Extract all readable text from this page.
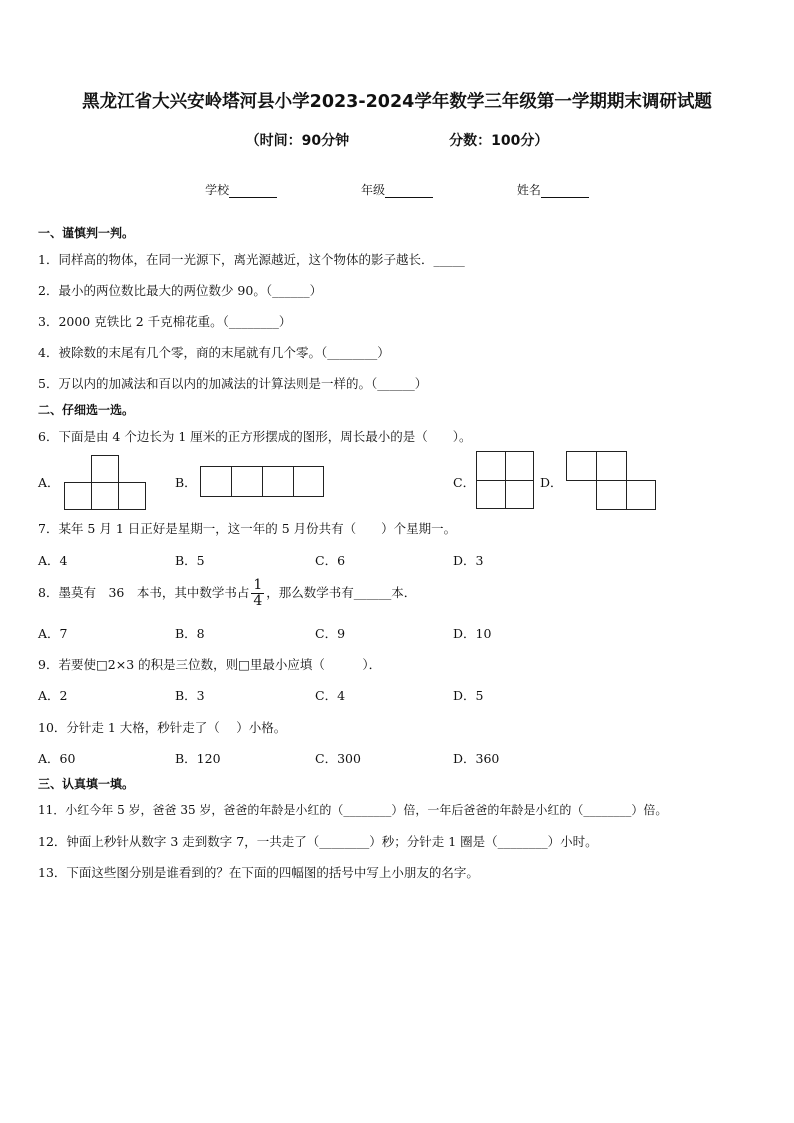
黑龙江省大兴安岭塔河县小学2023-2024学年数学三年级第一学期期末调研试题
（时间：90分钟	分数：100分）
学校	年级	姓名
一、谨慎判一判。
1．同样高的物体，在同一光源下，离光源越近，这个物体的影子越长．_____
2．最小的两位数比最大的两位数少 90。（______）
3．2000 克铁比 2 千克棉花重。（________）
4．被除数的末尾有几个零，商的末尾就有几个零。（________）
5．万以内的加减法和百以内的加减法的计算法则是一样的。（______）
二、仔细选一选。
6．下面是由 4 个边长为 1 厘米的正方形摆成的图形，周长最小的是（　　）。
A．	B．	C．	D．
7．某年 5 月 1 日正好是星期一，这一年的 5 月份共有（　　）个星期一。
A．4	B．5	C．6	D．3
8．墨莫有　36　本书，其中数学书占 $\frac{1}{4}$ ，那么数学书有______本．
A．7	B．8	C．9	D．10
9．若要使□2×3 的积是三位数，则□里最小应填（　　　）．
A．2	B．3	C．4	D．5
10．分针走 1 大格，秒针走了（　 ）小格。
A．60	B．120	C．300	D．360
三、认真填一填。
11．小红今年 5 岁，爸爸 35 岁，爸爸的年龄是小红的（________）倍，一年后爸爸的年龄是小红的（________）倍。
12．钟面上秒针从数字 3 走到数字 7，一共走了（________）秒；分针走 1 圈是（________）小时。
13．下面这些图分别是谁看到的？在下面的四幅图的括号中写上小朋友的名字。
